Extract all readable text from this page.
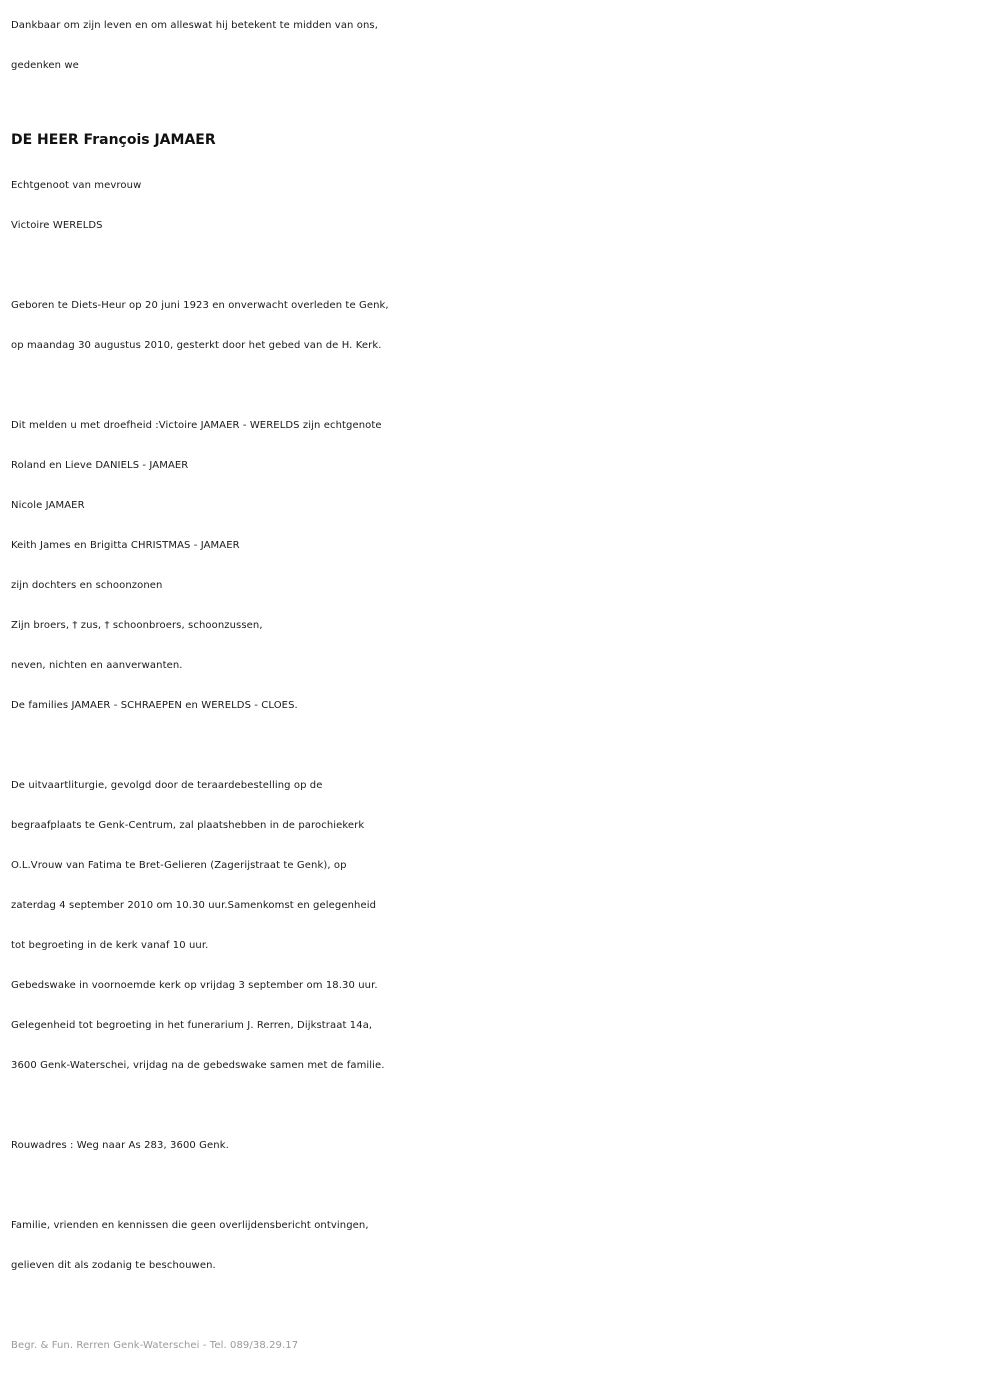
Dankbaar om zijn leven en om alleswat hij betekent te midden van ons,
gedenken we
DE HEER François JAMAER
Echtgenoot van mevrouw
Victoire WERELDS
Geboren te Diets-Heur op 20 juni 1923 en onverwacht overleden te Genk,
op maandag 30 augustus 2010, gesterkt door het gebed van de H. Kerk.
Dit melden u met droefheid :Victoire JAMAER - WERELDS zijn echtgenote
Roland en Lieve DANIELS - JAMAER
Nicole JAMAER
Keith James en Brigitta CHRISTMAS - JAMAER
zijn dochters en schoonzonen
Zijn broers, † zus, † schoonbroers, schoonzussen,
neven, nichten en aanverwanten.
De families JAMAER - SCHRAEPEN en WERELDS - CLOES.
De uitvaartliturgie, gevolgd door de teraardebestelling op de
begraafplaats te Genk-Centrum, zal plaatshebben in de parochiekerk
O.L.Vrouw van Fatima te Bret-Gelieren (Zagerijstraat te Genk), op
zaterdag 4 september 2010 om 10.30 uur.Samenkomst en gelegenheid
tot begroeting in de kerk vanaf 10 uur.
Gebedswake in voornoemde kerk op vrijdag 3 september om 18.30 uur.
Gelegenheid tot begroeting in het funerarium J. Rerren, Dijkstraat 14a,
3600 Genk-Waterschei, vrijdag na de gebedswake samen met de familie.
Rouwadres : Weg naar As 283, 3600 Genk.
Familie, vrienden en kennissen die geen overlijdensbericht ontvingen,
gelieven dit als zodanig te beschouwen.
Begr. & Fun. Rerren Genk-Waterschei - Tel. 089/38.29.17
